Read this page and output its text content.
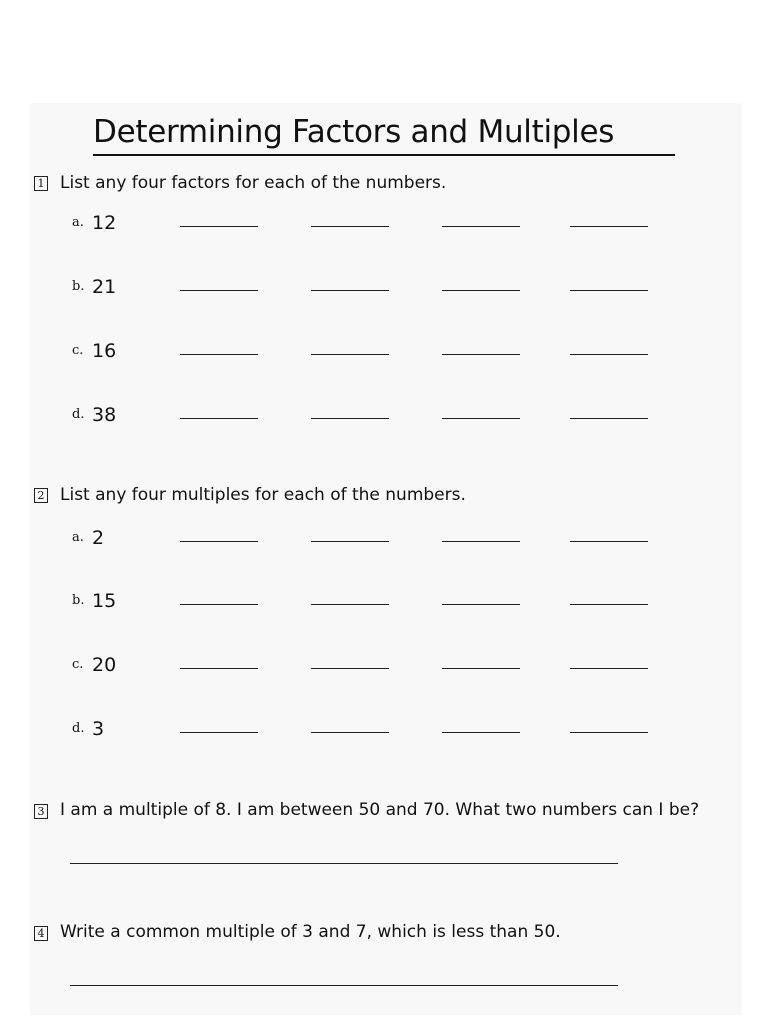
Determining Factors and Multiples
1 List any four factors for each of the numbers.
a. 12
b. 21
c. 16
d. 38
2 List any four multiples for each of the numbers.
a. 2
b. 15
c. 20
d. 3
3 I am a multiple of 8. I am between 50 and 70. What two numbers can I be?
4 Write a common multiple of 3 and 7, which is less than 50.
